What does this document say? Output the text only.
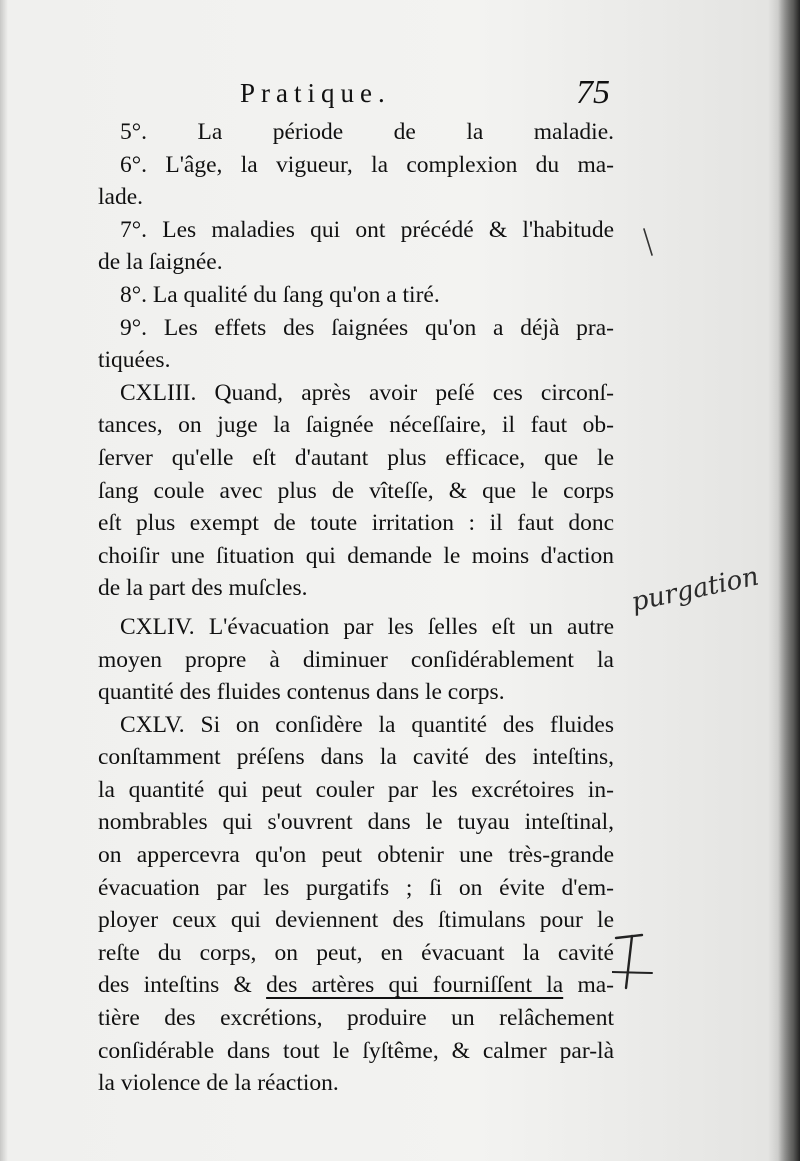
Pratique.	75
5°. La période de la maladie.
6°. L'âge, la vigueur, la complexion du ma-
lade.
7°. Les maladies qui ont précédé & l'habitude
de la ſaignée.
8°. La qualité du ſang qu'on a tiré.
9°. Les effets des ſaignées qu'on a déjà pra-
tiquées.
CXLIII. Quand, après avoir peſé ces circonſ-
tances, on juge la ſaignée néceſſaire, il faut ob-
ſerver qu'elle eſt d'autant plus efficace, que le
ſang coule avec plus de vîteſſe, & que le corps
eſt plus exempt de toute irritation : il faut donc
choiſir une ſituation qui demande le moins d'action
de la part des muſcles.
CXLIV. L'évacuation par les ſelles eſt un autre
moyen propre à diminuer conſidérablement la
quantité des fluides contenus dans le corps.
CXLV. Si on conſidère la quantité des fluides
conſtamment préſens dans la cavité des inteſtins,
la quantité qui peut couler par les excrétoires in-
nombrables qui s'ouvrent dans le tuyau inteſtinal,
on appercevra qu'on peut obtenir une très-grande
évacuation par les purgatifs ; ſi on évite d'em-
ployer ceux qui deviennent des ſtimulans pour le
reſte du corps, on peut, en évacuant la cavité
des inteſtins & des artères qui fourniſſent la ma-
tière des excrétions, produire un relâchement
conſidérable dans tout le ſyſtême, & calmer par-là
la violence de la réaction.
purgation
